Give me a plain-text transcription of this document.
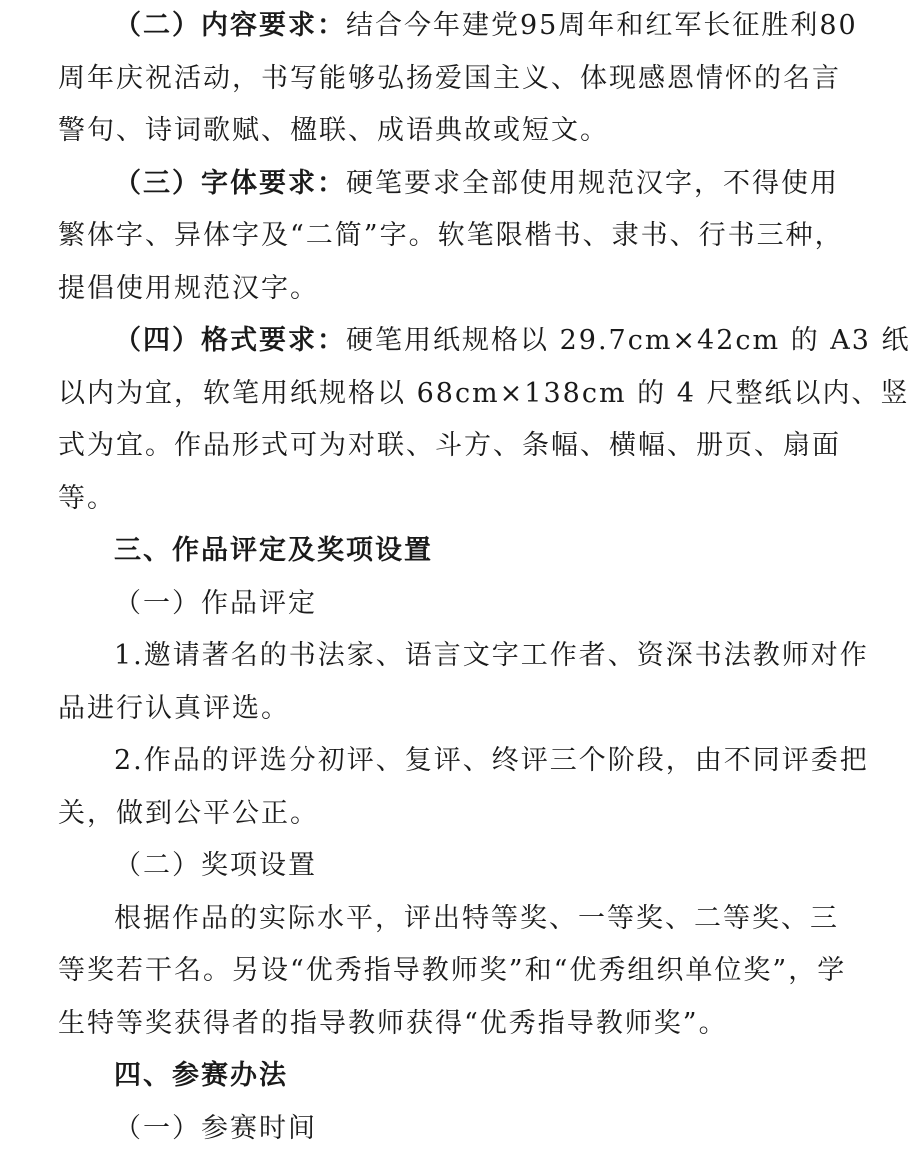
（二）内容要求：结合今年建党95周年和红军长征胜利80
周年庆祝活动，书写能够弘扬爱国主义、体现感恩情怀的名言
警句、诗词歌赋、楹联、成语典故或短文。
（三）字体要求：硬笔要求全部使用规范汉字，不得使用
繁体字、异体字及“二简”字。软笔限楷书、隶书、行书三种，
提倡使用规范汉字。
（四）格式要求：硬笔用纸规格以 29.7cm×42cm 的 A3 纸
以内为宜，软笔用纸规格以 68cm×138cm 的 4 尺整纸以内、竖
式为宜。作品形式可为对联、斗方、条幅、横幅、册页、扇面
等。
三、作品评定及奖项设置
（一）作品评定
1.邀请著名的书法家、语言文字工作者、资深书法教师对作
品进行认真评选。
2.作品的评选分初评、复评、终评三个阶段，由不同评委把
关，做到公平公正。
（二）奖项设置
根据作品的实际水平，评出特等奖、一等奖、二等奖、三
等奖若干名。另设“优秀指导教师奖”和“优秀组织单位奖”，学
生特等奖获得者的指导教师获得“优秀指导教师奖”。
四、参赛办法
（一）参赛时间
